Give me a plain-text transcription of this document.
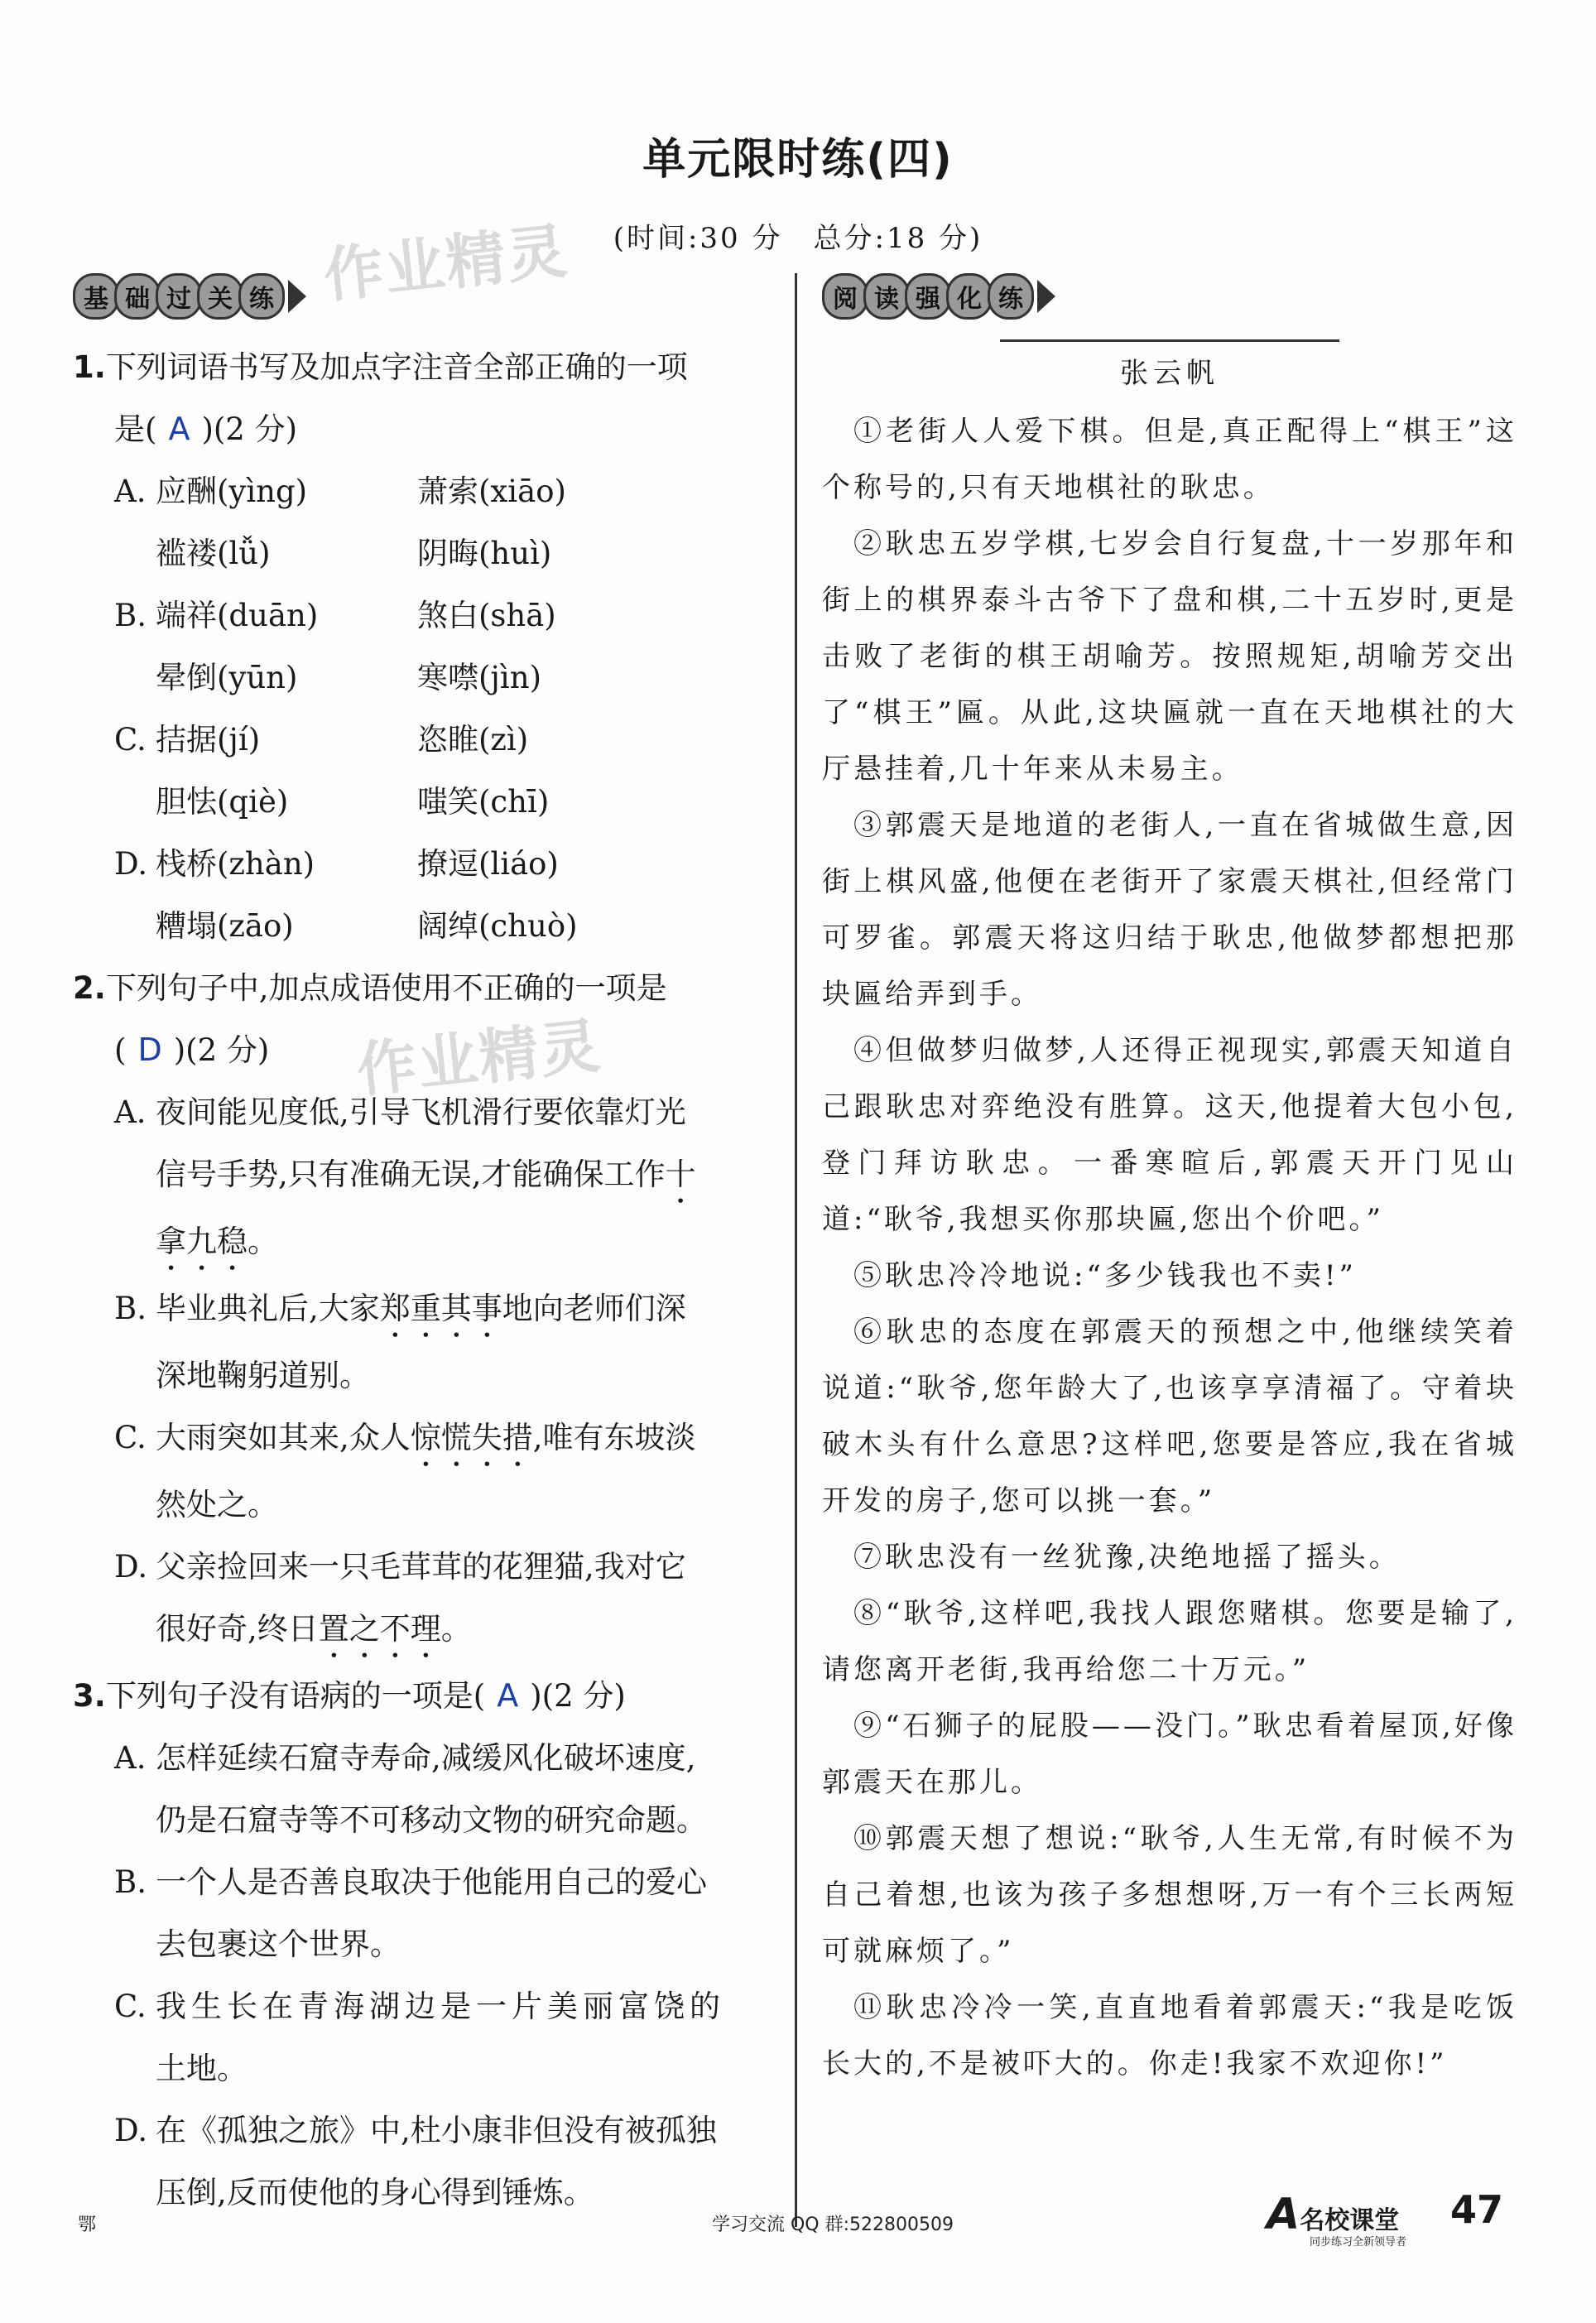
单元限时练(四)
(时间:30 分　总分:18 分)
作业精灵
作业精灵
基 础 过 关 练
1.下列词语书写及加点字注音全部正确的一项
是( A )(2 分)
A. 应酬(yìng)	萧索(xiāo)
褴褛(lǚ)	阴晦(huì)
B. 端祥(duān)	煞白(shā)
晕倒(yūn)	寒噤(jìn)
C. 拮据(jí)	恣睢(zì)
胆怯(qiè)	嗤笑(chī)
D. 栈桥(zhàn)	撩逗(liáo)
糟塌(zāo)	阔绰(chuò)
2.下列句子中,加点成语使用不正确的一项是
( D )(2 分)
A. 夜间能见度低,引导飞机滑行要依靠灯光
信号手势,只有准确无误,才能确保工作十
拿九稳。
B. 毕业典礼后,大家郑重其事地向老师们深
深地鞠躬道别。
C. 大雨突如其来,众人惊慌失措,唯有东坡淡
然处之。
D. 父亲捡回来一只毛茸茸的花狸猫,我对它
很好奇,终日置之不理。
3.下列句子没有语病的一项是( A )(2 分)
A. 怎样延续石窟寺寿命,减缓风化破坏速度,
仍是石窟寺等不可移动文物的研究命题。
B. 一个人是否善良取决于他能用自己的爱心
去包裹这个世界。
C. 我生长在青海湖边是一片美丽富饶的
土地。
D. 在《孤独之旅》中,杜小康非但没有被孤独
压倒,反而使他的身心得到锤炼。
阅 读 强 化 练
张云帆
①老街人人爱下棋。但是,真正配得上“棋王”这个称号的,只有天地棋社的耿忠。
②耿忠五岁学棋,七岁会自行复盘,十一岁那年和街上的棋界泰斗古爷下了盘和棋,二十五岁时,更是击败了老街的棋王胡喻芳。按照规矩,胡喻芳交出了“棋王”匾。从此,这块匾就一直在天地棋社的大厅悬挂着,几十年来从未易主。
③郭震天是地道的老街人,一直在省城做生意,因街上棋风盛,他便在老街开了家震天棋社,但经常门可罗雀。郭震天将这归结于耿忠,他做梦都想把那块匾给弄到手。
④但做梦归做梦,人还得正视现实,郭震天知道自己跟耿忠对弈绝没有胜算。这天,他提着大包小包,登门拜访耿忠。一番寒暄后,郭震天开门见山道:“耿爷,我想买你那块匾,您出个价吧。”
⑤耿忠冷冷地说:“多少钱我也不卖!”
⑥耿忠的态度在郭震天的预想之中,他继续笑着说道:“耿爷,您年龄大了,也该享享清福了。守着块破木头有什么意思?这样吧,您要是答应,我在省城开发的房子,您可以挑一套。”
⑦耿忠没有一丝犹豫,决绝地摇了摇头。
⑧“耿爷,这样吧,我找人跟您赌棋。您要是输了,请您离开老街,我再给您二十万元。”
⑨“石狮子的屁股——没门。”耿忠看着屋顶,好像郭震天在那儿。
⑩郭震天想了想说:“耿爷,人生无常,有时候不为自己着想,也该为孩子多想想呀,万一有个三长两短可就麻烦了。”
⑪耿忠冷冷一笑,直直地看着郭震天:“我是吃饭长大的,不是被吓大的。你走!我家不欢迎你!”
鄂	学习交流 QQ 群:522800509	A名校课堂
同步练习全新领导者
47
